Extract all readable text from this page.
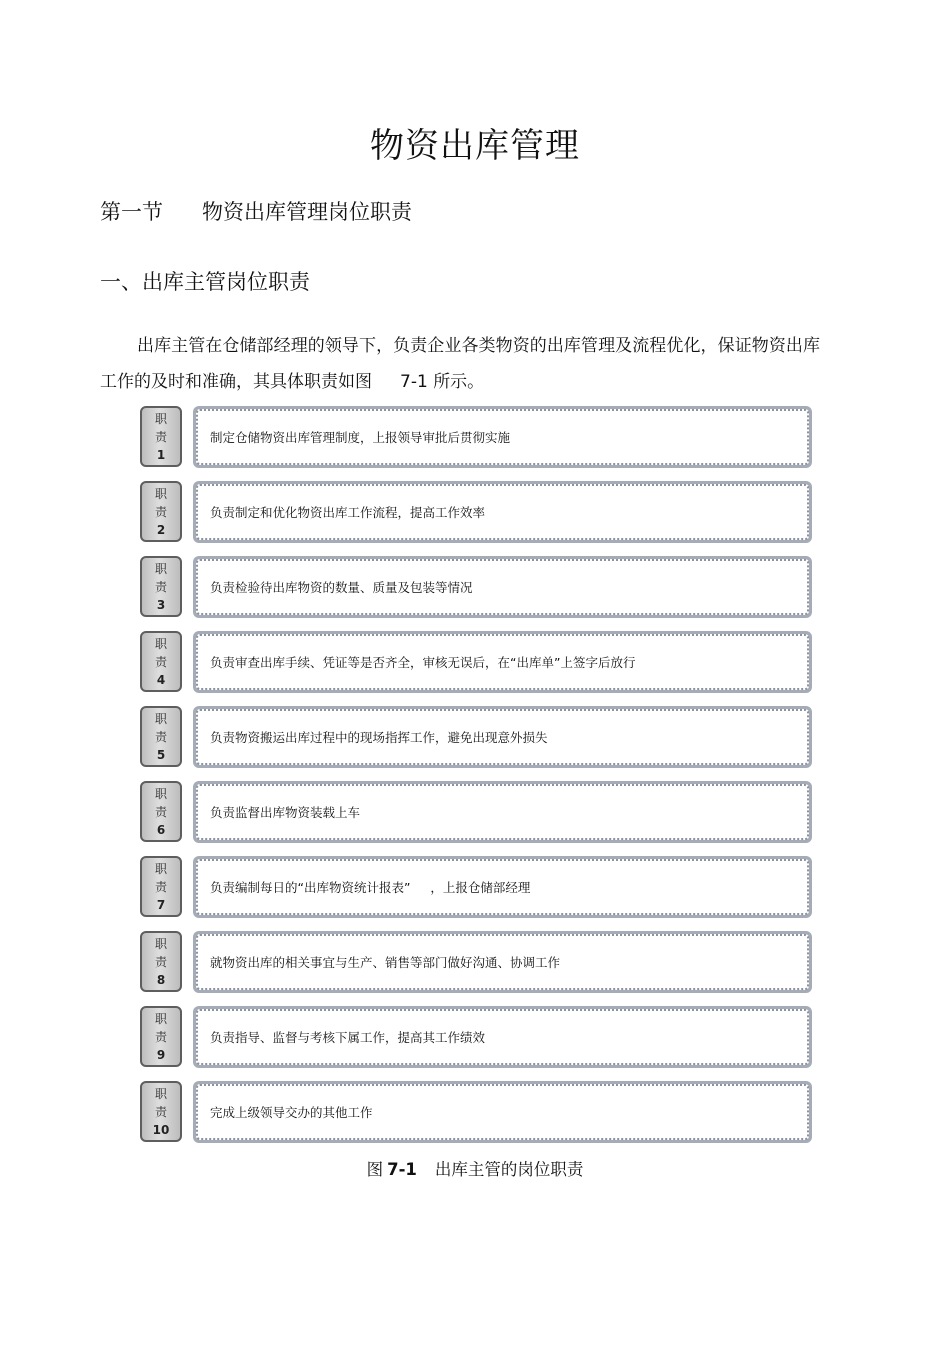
物资出库管理
第一节 物资出库管理岗位职责
一、出库主管岗位职责
出库主管在仓储部经理的领导下，负责企业各类物资的出库管理及流程优化，保证物资出库工作的及时和准确，其具体职责如图 7-1 所示。
职
责
1
制定仓储物资出库管理制度，上报领导审批后贯彻实施
职
责
2
负责制定和优化物资出库工作流程，提高工作效率
职
责
3
负责检验待出库物资的数量、质量及包装等情况
职
责
4
负责审查出库手续、凭证等是否齐全，审核无误后，在“出库单”上签字后放行
职
责
5
负责物资搬运出库过程中的现场指挥工作，避免出现意外损失
职
责
6
负责监督出库物资装载上车
职
责
7
负责编制每日的“出库物资统计报表”     ，上报仓储部经理
职
责
8
就物资出库的相关事宜与生产、销售等部门做好沟通、协调工作
职
责
9
负责指导、监督与考核下属工作，提高其工作绩效
职
责
10
完成上级领导交办的其他工作
图 7-1 出库主管的岗位职责
